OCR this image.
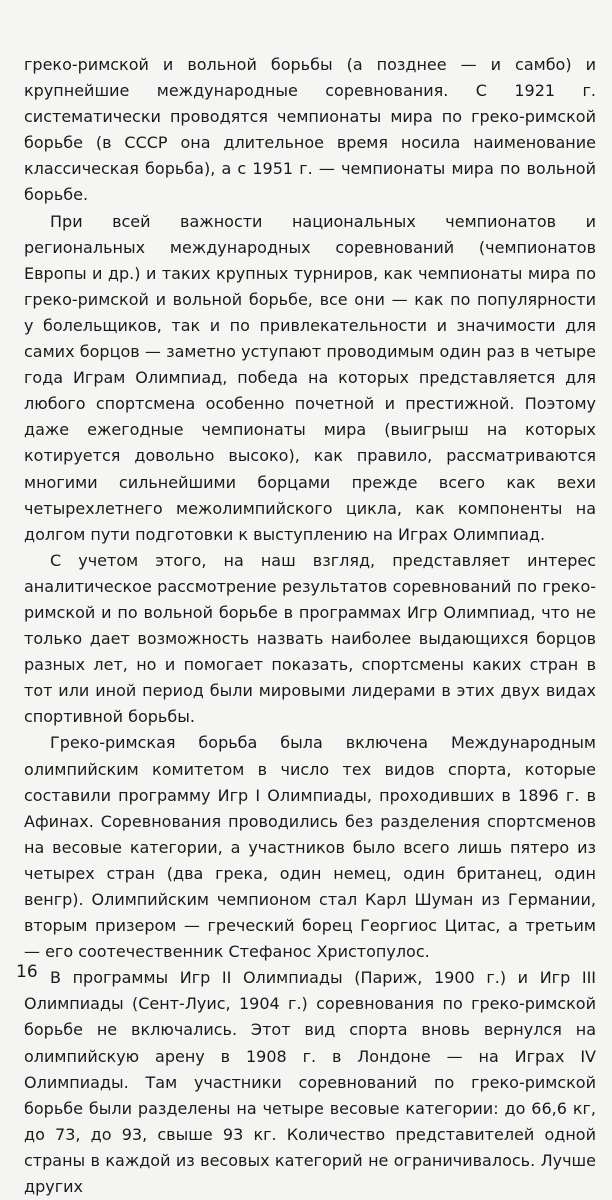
греко-римской и вольной борьбы (а позднее — и самбо) и крупнейшие международные соревнования. С 1921 г. систематически проводятся чемпионаты мира по греко-римской борьбе (в СССР она длительное время носила наименование классическая борьба), а с 1951 г. — чемпионаты мира по вольной борьбе.

При всей важности национальных чемпионатов и региональных международных соревнований (чемпионатов Европы и др.) и таких крупных турниров, как чемпионаты мира по греко-римской и вольной борьбе, все они — как по популярности у болельщиков, так и по привлекательности и значимости для самих борцов — заметно уступают проводимым один раз в четыре года Играм Олимпиад, победа на которых представляется для любого спортсмена особенно почетной и престижной. Поэтому даже ежегодные чемпионаты мира (выигрыш на которых котируется довольно высоко), как правило, рассматриваются многими сильнейшими борцами прежде всего как вехи четырехлетнего межолимпийского цикла, как компоненты на долгом пути подготовки к выступлению на Играх Олимпиад.

С учетом этого, на наш взгляд, представляет интерес аналитическое рассмотрение результатов соревнований по греко-римской и по вольной борьбе в программах Игр Олимпиад, что не только дает возможность назвать наиболее выдающихся борцов разных лет, но и помогает показать, спортсмены каких стран в тот или иной период были мировыми лидерами в этих двух видах спортивной борьбы.

Греко-римская борьба была включена Международным олимпийским комитетом в число тех видов спорта, которые составили программу Игр I Олимпиады, проходивших в 1896 г. в Афинах. Соревнования проводились без разделения спортсменов на весовые категории, а участников было всего лишь пятеро из четырех стран (два грека, один немец, один британец, один венгр). Олимпийским чемпионом стал Карл Шуман из Германии, вторым призером — греческий борец Георгиос Цитас, а третьим — его соотечественник Стефанос Христопулос.

В программы Игр II Олимпиады (Париж, 1900 г.) и Игр III Олимпиады (Сент-Луис, 1904 г.) соревнования по греко-римской борьбе не включались. Этот вид спорта вновь вернулся на олимпийскую арену в 1908 г. в Лондоне — на Играх IV Олимпиады. Там участники соревнований по греко-римской борьбе были разделены на четыре весовые категории: до 66,6 кг, до 73, до 93, свыше 93 кг. Количество представителей одной страны в каждой из весовых категорий не ограничивалось. Лучше других

16
